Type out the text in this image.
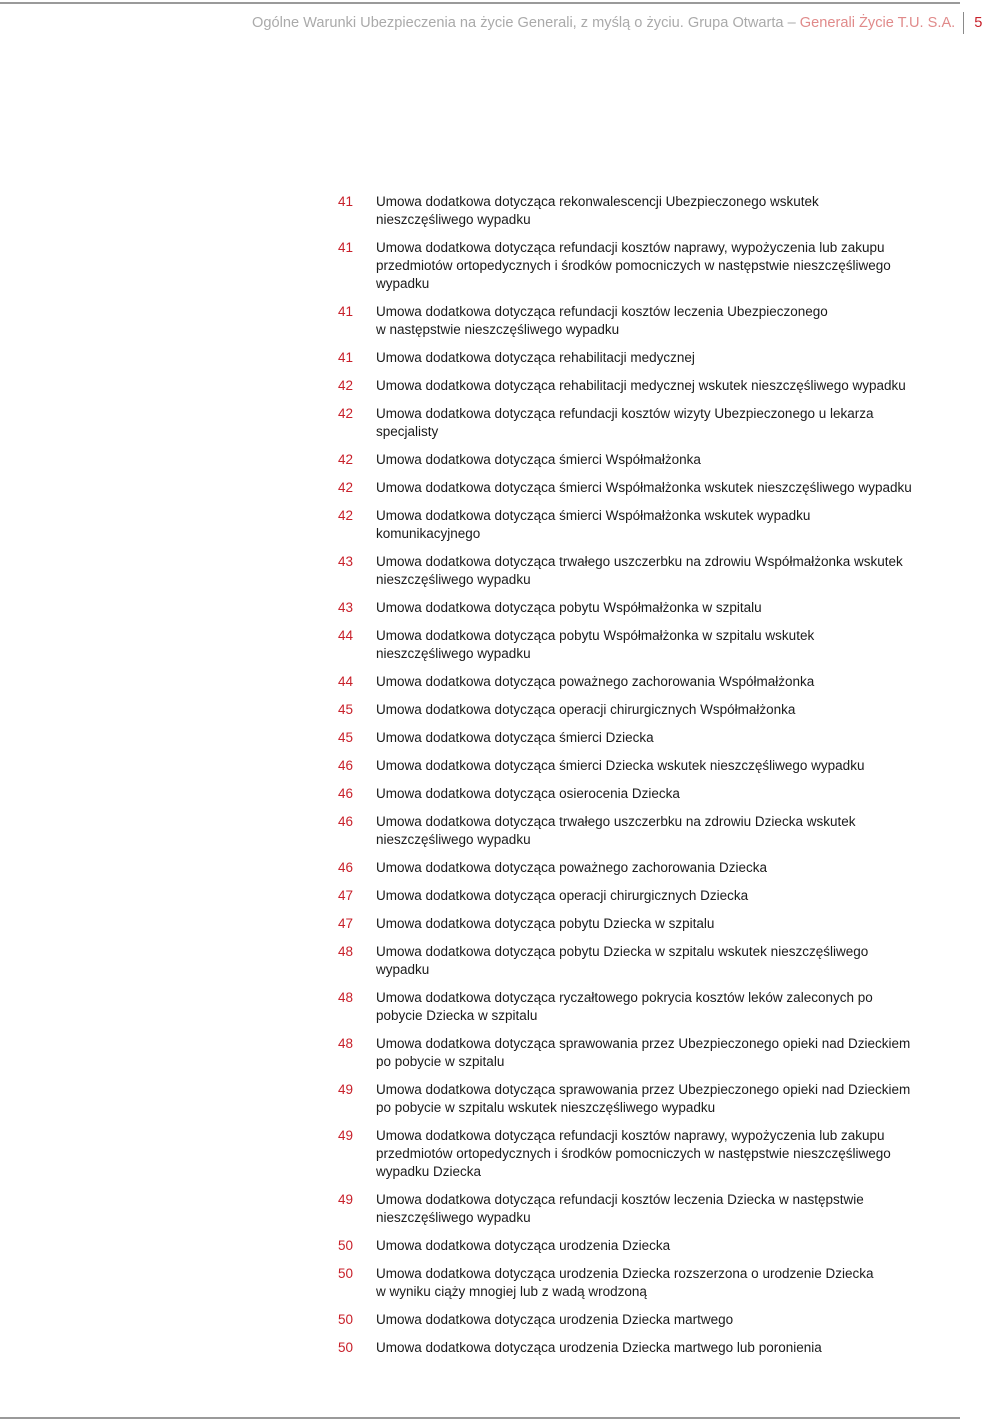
Ogólne Warunki Ubezpieczenia na życie Generali, z myślą o życiu. Grupa Otwarta – Generali Życie T.U. S.A. 5
41 Umowa dodatkowa dotycząca rekonwalescencji Ubezpieczonego wskutek
nieszczęśliwego wypadku
41 Umowa dodatkowa dotycząca refundacji kosztów naprawy, wypożyczenia lub zakupu
przedmiotów ortopedycznych i środków pomocniczych w następstwie nieszczęśliwego
wypadku
41 Umowa dodatkowa dotycząca refundacji kosztów leczenia Ubezpieczonego
w następstwie nieszczęśliwego wypadku
41 Umowa dodatkowa dotycząca rehabilitacji medycznej
42 Umowa dodatkowa dotycząca rehabilitacji medycznej wskutek nieszczęśliwego wypadku
42 Umowa dodatkowa dotycząca refundacji kosztów wizyty Ubezpieczonego u lekarza
specjalisty
42 Umowa dodatkowa dotycząca śmierci Współmałżonka
42 Umowa dodatkowa dotycząca śmierci Współmałżonka wskutek nieszczęśliwego wypadku
42 Umowa dodatkowa dotycząca śmierci Współmałżonka wskutek wypadku
komunikacyjnego
43 Umowa dodatkowa dotycząca trwałego uszczerbku na zdrowiu Współmałżonka wskutek
nieszczęśliwego wypadku
43 Umowa dodatkowa dotycząca pobytu Współmałżonka w szpitalu
44 Umowa dodatkowa dotycząca pobytu Współmałżonka w szpitalu wskutek
nieszczęśliwego wypadku
44 Umowa dodatkowa dotycząca poważnego zachorowania Współmałżonka
45 Umowa dodatkowa dotycząca operacji chirurgicznych Współmałżonka
45 Umowa dodatkowa dotycząca śmierci Dziecka
46 Umowa dodatkowa dotycząca śmierci Dziecka wskutek nieszczęśliwego wypadku
46 Umowa dodatkowa dotycząca osierocenia Dziecka
46 Umowa dodatkowa dotycząca trwałego uszczerbku na zdrowiu Dziecka wskutek
nieszczęśliwego wypadku
46 Umowa dodatkowa dotycząca poważnego zachorowania Dziecka
47 Umowa dodatkowa dotycząca operacji chirurgicznych Dziecka
47 Umowa dodatkowa dotycząca pobytu Dziecka w szpitalu
48 Umowa dodatkowa dotycząca pobytu Dziecka w szpitalu wskutek nieszczęśliwego
wypadku
48 Umowa dodatkowa dotycząca ryczałtowego pokrycia kosztów leków zaleconych po
pobycie Dziecka w szpitalu
48 Umowa dodatkowa dotycząca sprawowania przez Ubezpieczonego opieki nad Dzieckiem
po pobycie w szpitalu
49 Umowa dodatkowa dotycząca sprawowania przez Ubezpieczonego opieki nad Dzieckiem
po pobycie w szpitalu wskutek nieszczęśliwego wypadku
49 Umowa dodatkowa dotycząca refundacji kosztów naprawy, wypożyczenia lub zakupu
przedmiotów ortopedycznych i środków pomocniczych w następstwie nieszczęśliwego
wypadku Dziecka
49 Umowa dodatkowa dotycząca refundacji kosztów leczenia Dziecka w następstwie
nieszczęśliwego wypadku
50 Umowa dodatkowa dotycząca urodzenia Dziecka
50 Umowa dodatkowa dotycząca urodzenia Dziecka rozszerzona o urodzenie Dziecka
w wyniku ciąży mnogiej lub z wadą wrodzoną
50 Umowa dodatkowa dotycząca urodzenia Dziecka martwego
50 Umowa dodatkowa dotycząca urodzenia Dziecka martwego lub poronienia
